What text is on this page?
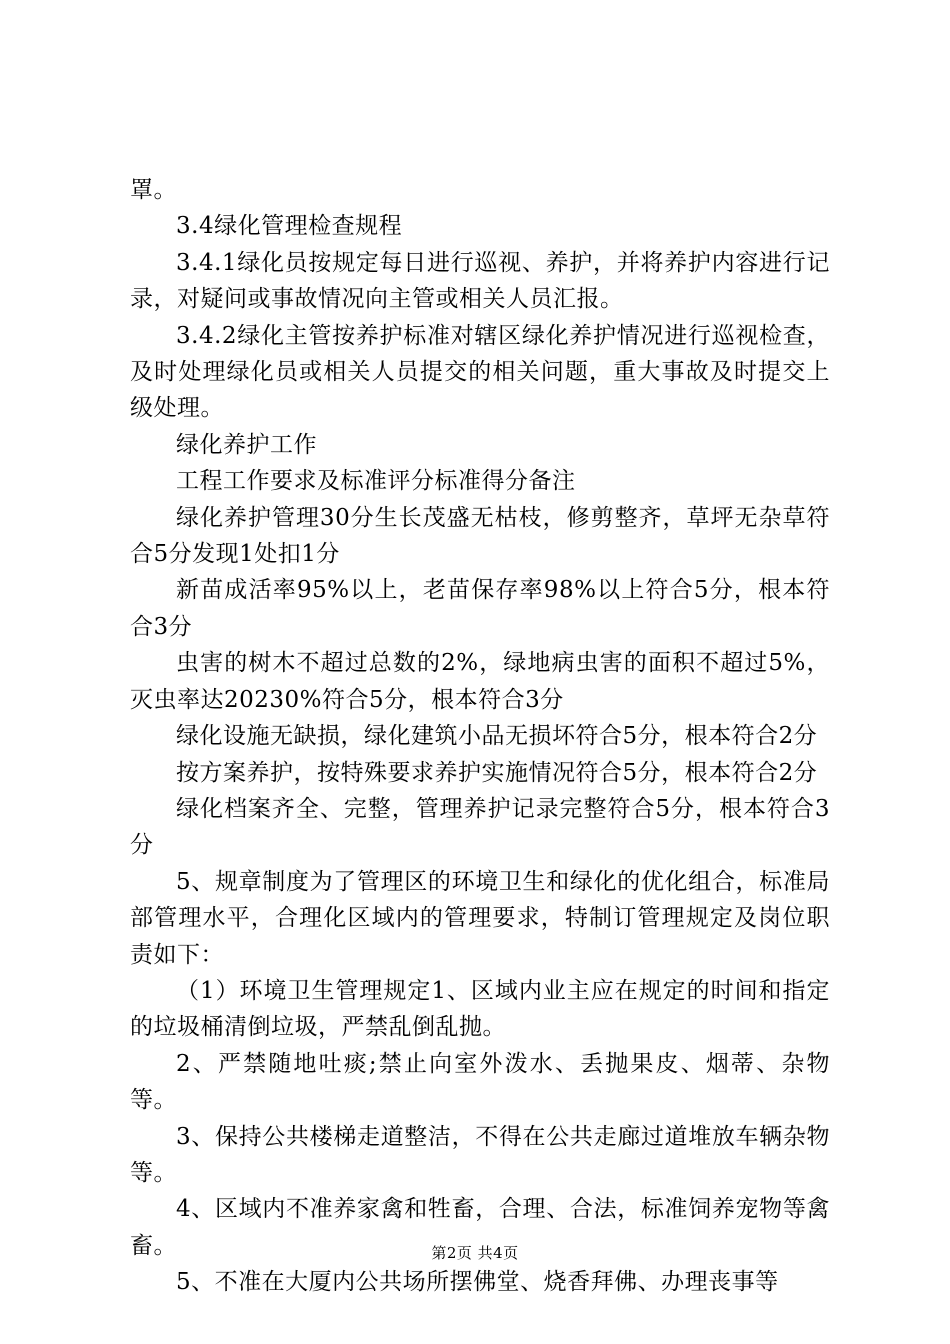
罩。

3.4绿化管理检查规程

3.4.1绿化员按规定每日进行巡视、养护，并将养护内容进行记录，对疑问或事故情况向主管或相关人员汇报。

3.4.2绿化主管按养护标准对辖区绿化养护情况进行巡视检查，及时处理绿化员或相关人员提交的相关问题，重大事故及时提交上级处理。

绿化养护工作

工程工作要求及标准评分标准得分备注

绿化养护管理30分生长茂盛无枯枝，修剪整齐，草坪无杂草符合5分发现1处扣1分

新苗成活率95%以上，老苗保存率98%以上符合5分，根本符合3分

虫害的树木不超过总数的2%，绿地病虫害的面积不超过5%，灭虫率达20230%符合5分，根本符合3分

绿化设施无缺损，绿化建筑小品无损坏符合5分，根本符合2分

按方案养护，按特殊要求养护实施情况符合5分，根本符合2分

绿化档案齐全、完整，管理养护记录完整符合5分，根本符合3分

5、规章制度为了管理区的环境卫生和绿化的优化组合，标准局部管理水平，合理化区域内的管理要求，特制订管理规定及岗位职责如下：

（1）环境卫生管理规定1、区域内业主应在规定的时间和指定的垃圾桶清倒垃圾，严禁乱倒乱抛。

2、严禁随地吐痰;禁止向室外泼水、丢抛果皮、烟蒂、杂物等。

3、保持公共楼梯走道整洁，不得在公共走廊过道堆放车辆杂物等。

4、区域内不准养家禽和牲畜，合理、合法，标准饲养宠物等禽畜。

5、不准在大厦内公共场所摆佛堂、烧香拜佛、办理丧事等

第2页 共4页
